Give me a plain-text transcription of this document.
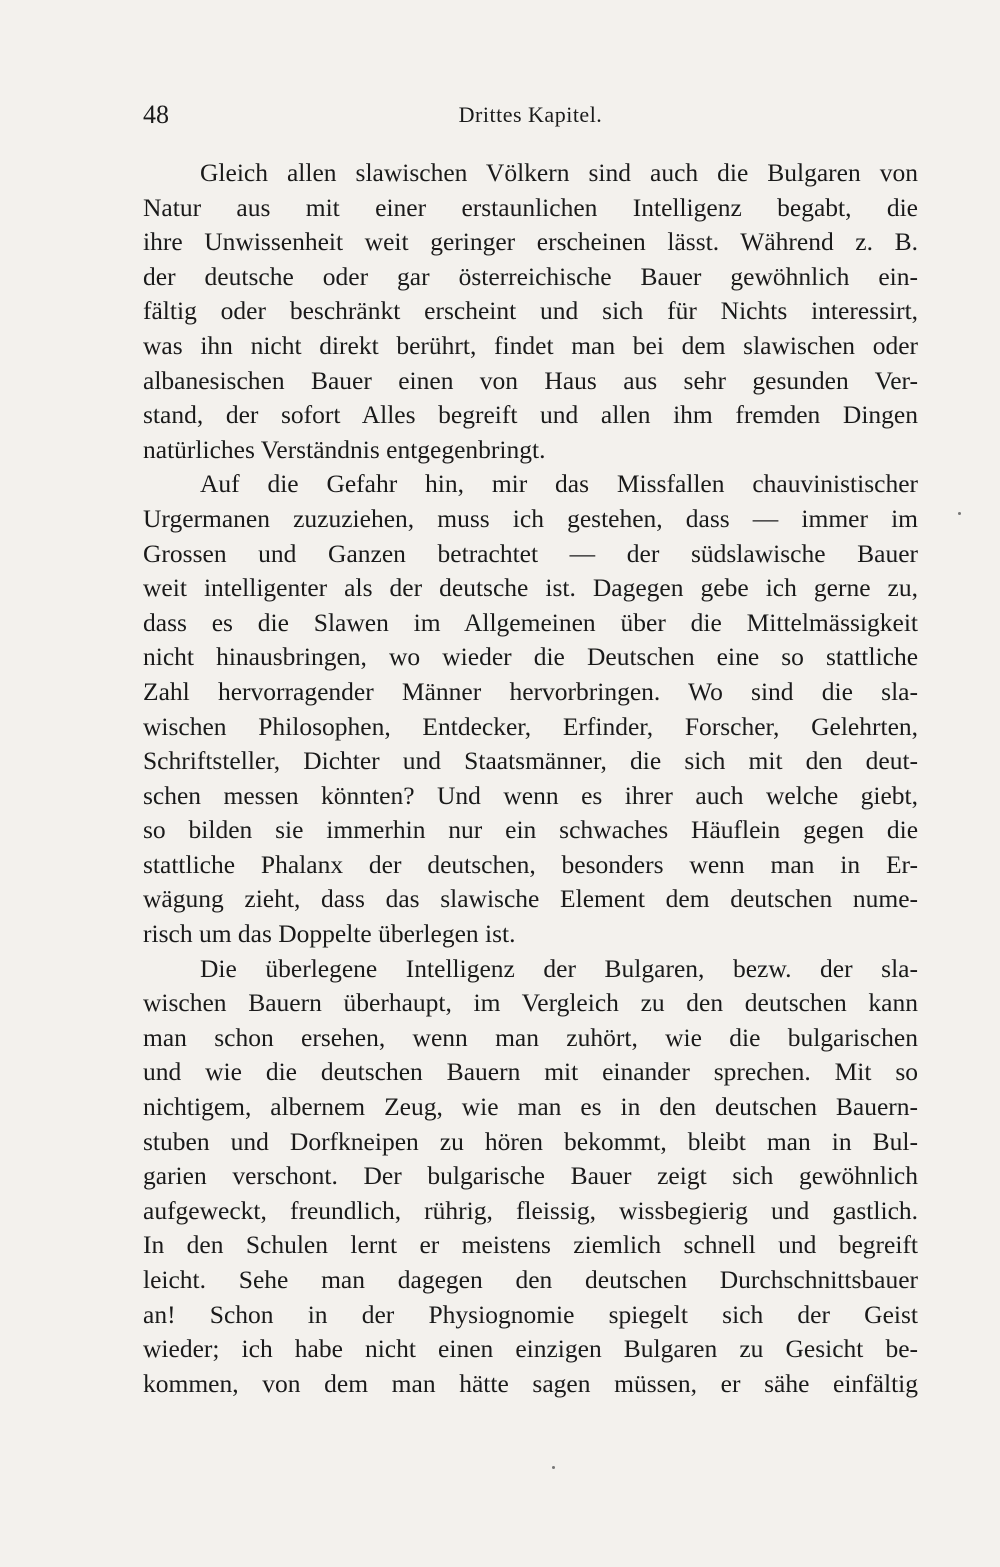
48	Drittes Kapitel.
Gleich allen slawischen Völkern sind auch die Bulgaren von
Natur aus mit einer erstaunlichen Intelligenz begabt, die
ihre Unwissenheit weit geringer erscheinen lässt. Während z. B.
der deutsche oder gar österreichische Bauer gewöhnlich ein-
fältig oder beschränkt erscheint und sich für Nichts interessirt,
was ihn nicht direkt berührt, findet man bei dem slawischen oder
albanesischen Bauer einen von Haus aus sehr gesunden Ver-
stand, der sofort Alles begreift und allen ihm fremden Dingen
natürliches Verständnis entgegenbringt.
Auf die Gefahr hin, mir das Missfallen chauvinistischer
Urgermanen zuzuziehen, muss ich gestehen, dass — immer im
Grossen und Ganzen betrachtet — der südslawische Bauer
weit intelligenter als der deutsche ist. Dagegen gebe ich gerne zu,
dass es die Slawen im Allgemeinen über die Mittelmässigkeit
nicht hinausbringen, wo wieder die Deutschen eine so stattliche
Zahl hervorragender Männer hervorbringen. Wo sind die sla-
wischen Philosophen, Entdecker, Erfinder, Forscher, Gelehrten,
Schriftsteller, Dichter und Staatsmänner, die sich mit den deut-
schen messen könnten? Und wenn es ihrer auch welche giebt,
so bilden sie immerhin nur ein schwaches Häuflein gegen die
stattliche Phalanx der deutschen, besonders wenn man in Er-
wägung zieht, dass das slawische Element dem deutschen nume-
risch um das Doppelte überlegen ist.
Die überlegene Intelligenz der Bulgaren, bezw. der sla-
wischen Bauern überhaupt, im Vergleich zu den deutschen kann
man schon ersehen, wenn man zuhört, wie die bulgarischen
und wie die deutschen Bauern mit einander sprechen. Mit so
nichtigem, albernem Zeug, wie man es in den deutschen Bauern-
stuben und Dorfkneipen zu hören bekommt, bleibt man in Bul-
garien verschont. Der bulgarische Bauer zeigt sich gewöhnlich
aufgeweckt, freundlich, rührig, fleissig, wissbegierig und gastlich.
In den Schulen lernt er meistens ziemlich schnell und begreift
leicht. Sehe man dagegen den deutschen Durchschnittsbauer
an! Schon in der Physiognomie spiegelt sich der Geist
wieder; ich habe nicht einen einzigen Bulgaren zu Gesicht be-
kommen, von dem man hätte sagen müssen, er sähe einfältig
